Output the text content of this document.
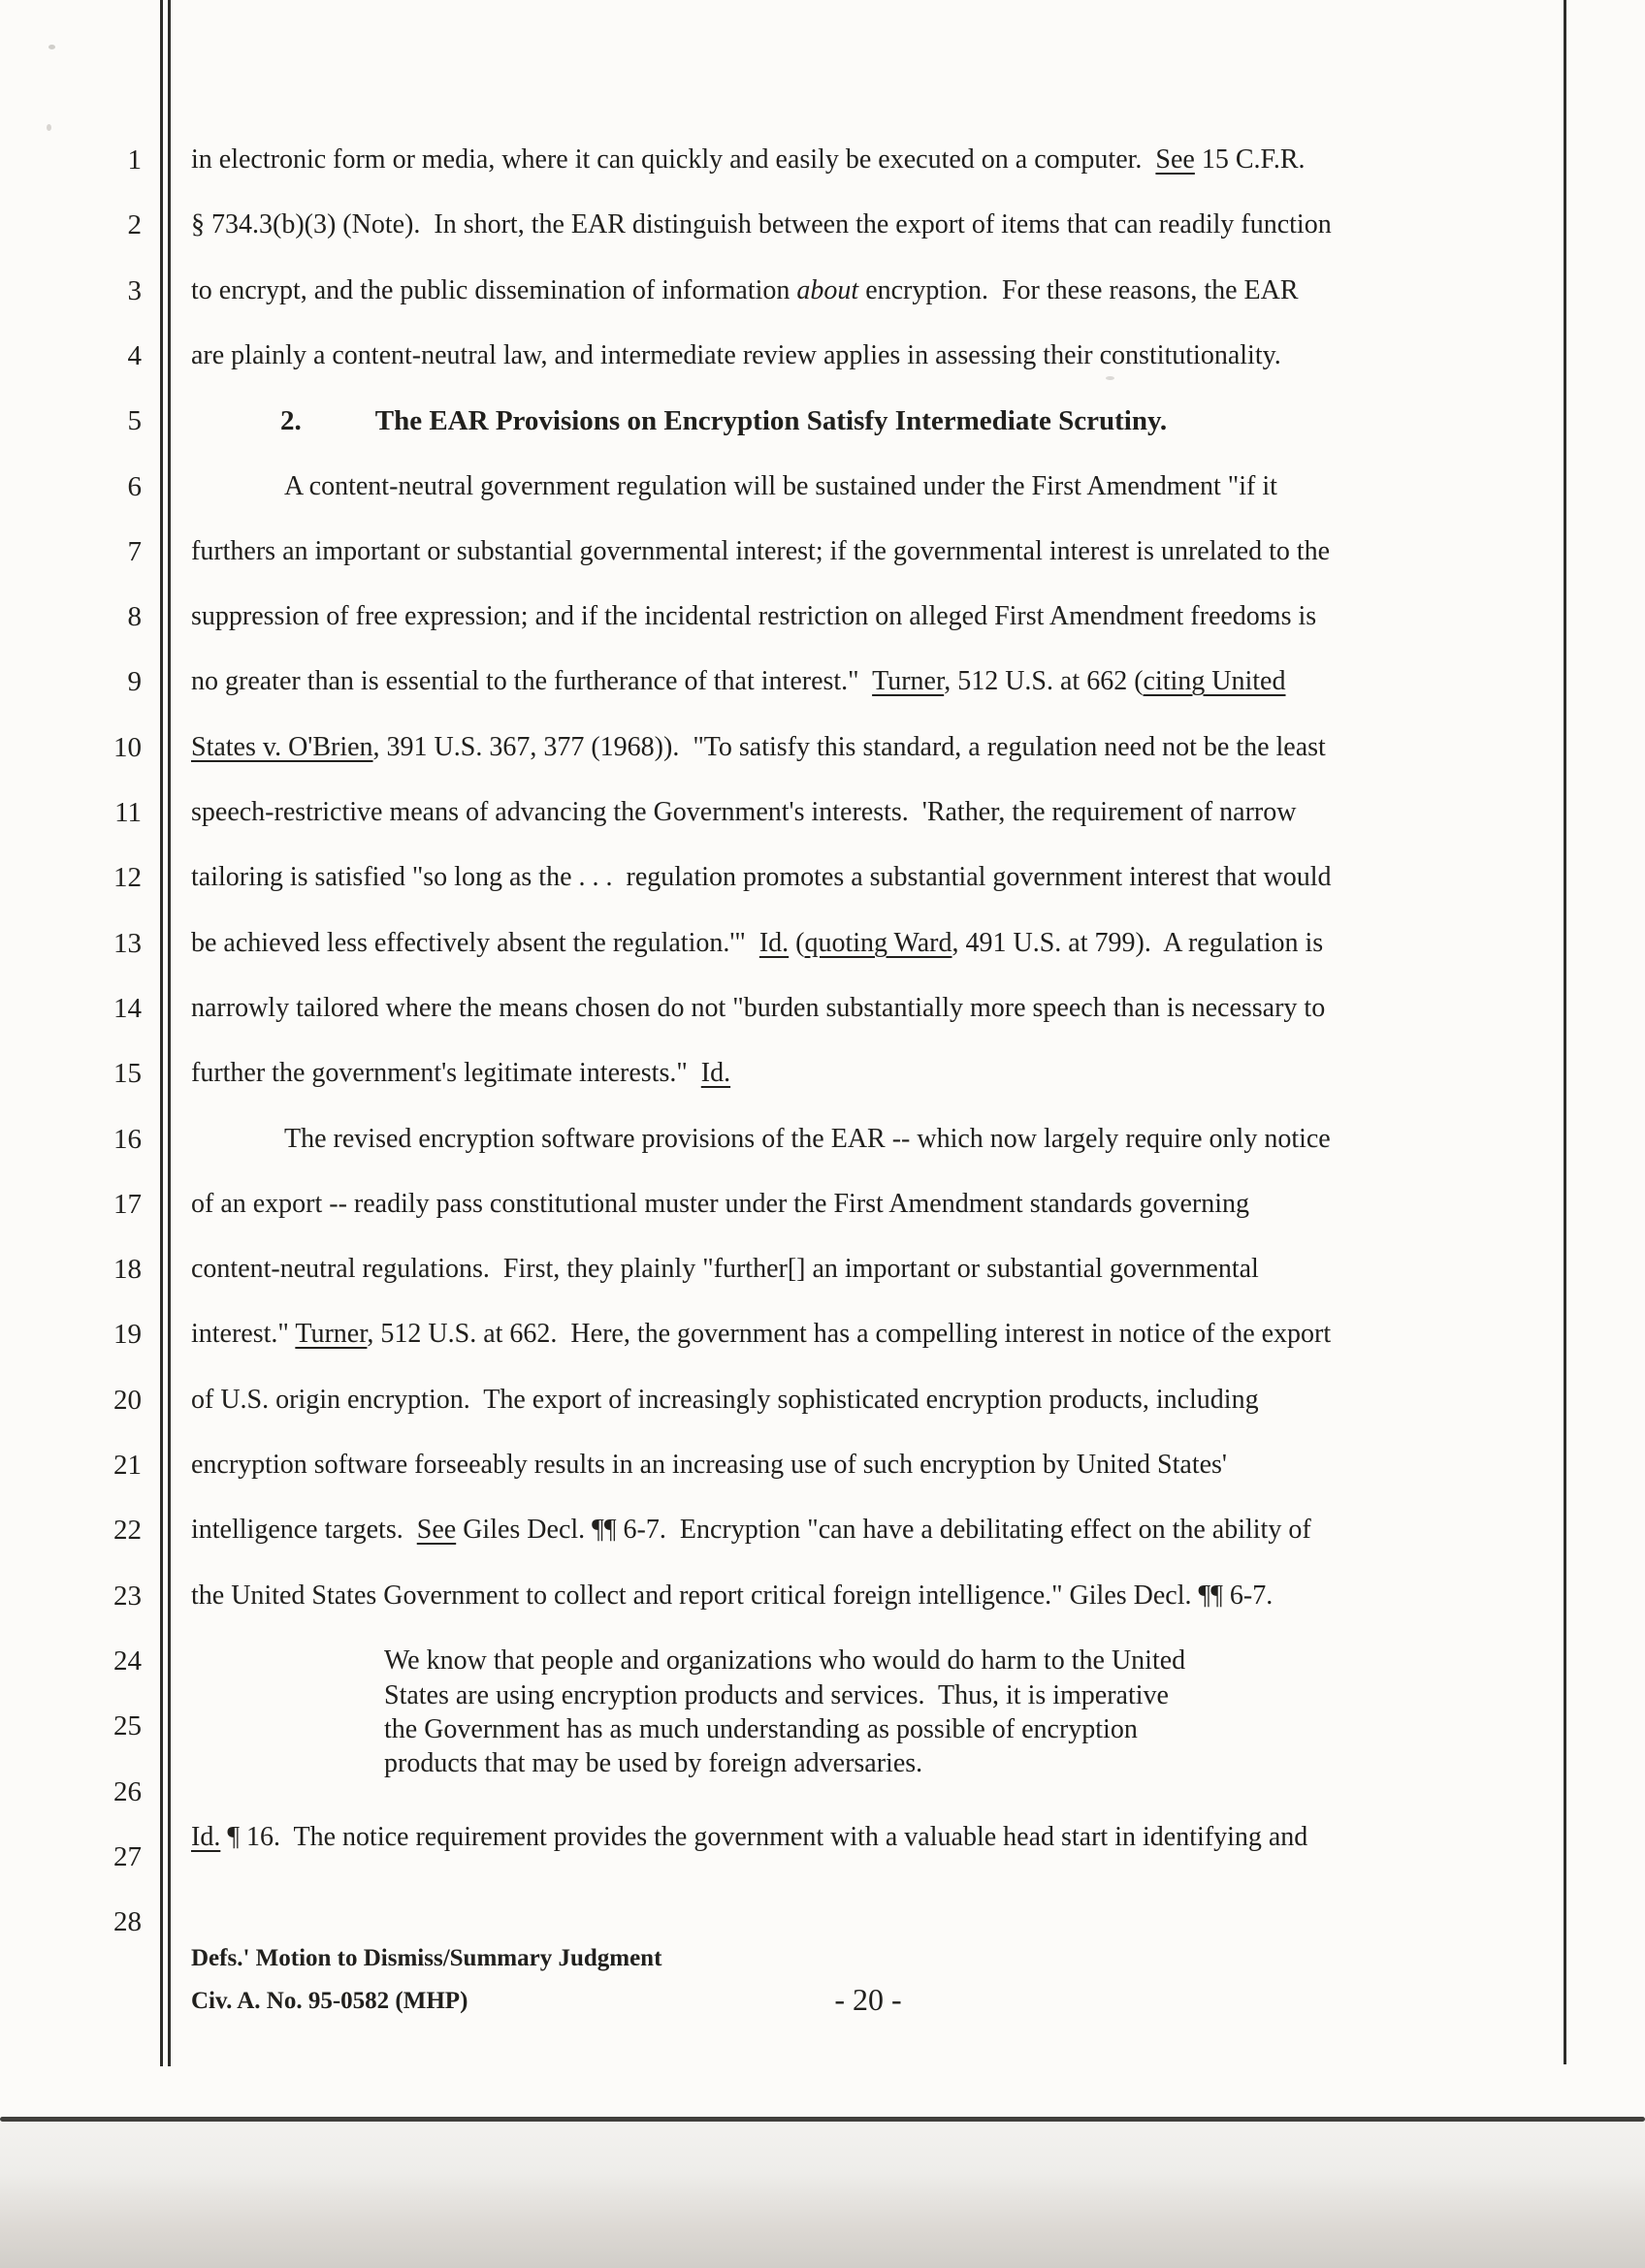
1
2
3
4
5
6
7
8
9
10
11
12
13
14
15
16
17
18
19
20
21
22
23
24
25
26
27
28
in electronic form or media, where it can quickly and easily be executed on a computer.  See 15 C.F.R.
§ 734.3(b)(3) (Note).  In short, the EAR distinguish between the export of items that can readily function
to encrypt, and the public dissemination of information about encryption.  For these reasons, the EAR
are plainly a content-neutral law, and intermediate review applies in assessing their constitutionality.
2.	The EAR Provisions on Encryption Satisfy Intermediate Scrutiny.
A content-neutral government regulation will be sustained under the First Amendment "if it
furthers an important or substantial governmental interest; if the governmental interest is unrelated to the
suppression of free expression; and if the incidental restriction on alleged First Amendment freedoms is
no greater than is essential to the furtherance of that interest."  Turner, 512 U.S. at 662 (citing United
States v. O'Brien, 391 U.S. 367, 377 (1968)).  "To satisfy this standard, a regulation need not be the least
speech-restrictive means of advancing the Government's interests.  'Rather, the requirement of narrow
tailoring is satisfied "so long as the . . .  regulation promotes a substantial government interest that would
be achieved less effectively absent the regulation.'"  Id. (quoting Ward, 491 U.S. at 799).  A regulation is
narrowly tailored where the means chosen do not "burden substantially more speech than is necessary to
further the government's legitimate interests."  Id.
The revised encryption software provisions of the EAR -- which now largely require only notice
of an export -- readily pass constitutional muster under the First Amendment standards governing
content-neutral regulations.  First, they plainly "further[] an important or substantial governmental
interest." Turner, 512 U.S. at 662.  Here, the government has a compelling interest in notice of the export
of U.S. origin encryption.  The export of increasingly sophisticated encryption products, including
encryption software forseeably results in an increasing use of such encryption by United States'
intelligence targets.  See Giles Decl. ¶¶ 6-7.  Encryption "can have a debilitating effect on the ability of
the United States Government to collect and report critical foreign intelligence." Giles Decl. ¶¶ 6-7.
We know that people and organizations who would do harm to the United
States are using encryption products and services.  Thus, it is imperative
the Government has as much understanding as possible of encryption
products that may be used by foreign adversaries.
Id. ¶ 16.  The notice requirement provides the government with a valuable head start in identifying and
Defs.' Motion to Dismiss/Summary Judgment
Civ. A. No. 95-0582 (MHP)	- 20 -
